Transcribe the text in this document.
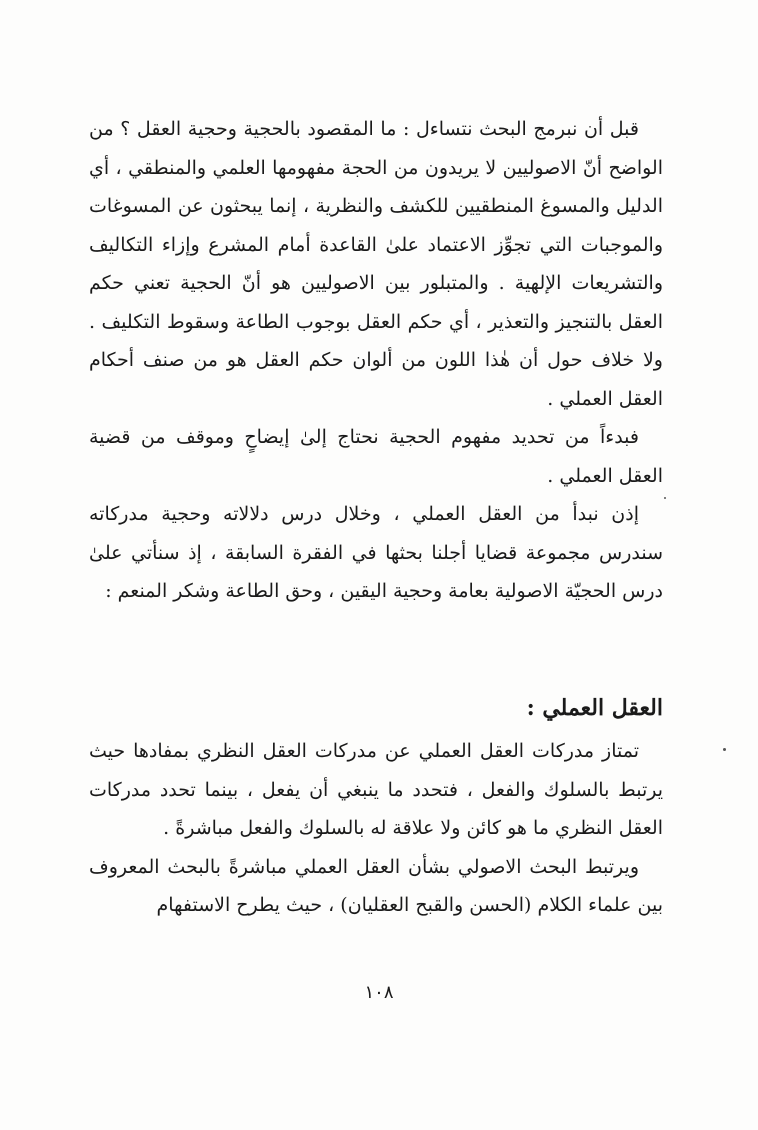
قبل أن نبرمج البحث نتساءل : ما المقصود بالحجية وحجية العقل ؟ من الواضح أنّ الاصوليين لا يريدون من الحجة مفهومها العلمي والمنطقي ، أي الدليل والمسوغ المنطقيين للكشف والنظرية ، إنما يبحثون عن المسوغات والموجبات التي تجوِّز الاعتماد علىٰ القاعدة أمام المشرع وإزاء التكاليف والتشريعات الإلهية . والمتبلور بين الاصوليين هو أنّ الحجية تعني حكم العقل بالتنجيز والتعذير ، أي حكم العقل بوجوب الطاعة وسقوط التكليف . ولا خلاف حول أن هٰذا اللون من ألوان حكم العقل هو من صنف أحكام العقل العملي .

فبدءاً من تحديد مفهوم الحجية نحتاج إلىٰ إيضاحٍ وموقف من قضية العقل العملي .

إذن نبدأ من العقل العملي ، وخلال درس دلالاته وحجية مدركاته سندرس مجموعة قضايا أجلنا بحثها في الفقرة السابقة ، إذ سنأتي علىٰ درس الحجيّة الاصولية بعامة وحجية اليقين ، وحق الطاعة وشكر المنعم :

العقل العملي :

تمتاز مدركات العقل العملي عن مدركات العقل النظري بمفادها حيث يرتبط بالسلوك والفعل ، فتحدد ما ينبغي أن يفعل ، بينما تحدد مدركات العقل النظري ما هو كائن ولا علاقة له بالسلوك والفعل مباشرةً .

ويرتبط البحث الاصولي بشأن العقل العملي مباشرةً بالبحث المعروف بين علماء الكلام (الحسن والقبح العقليان) ، حيث يطرح الاستفهام

١٠٨
